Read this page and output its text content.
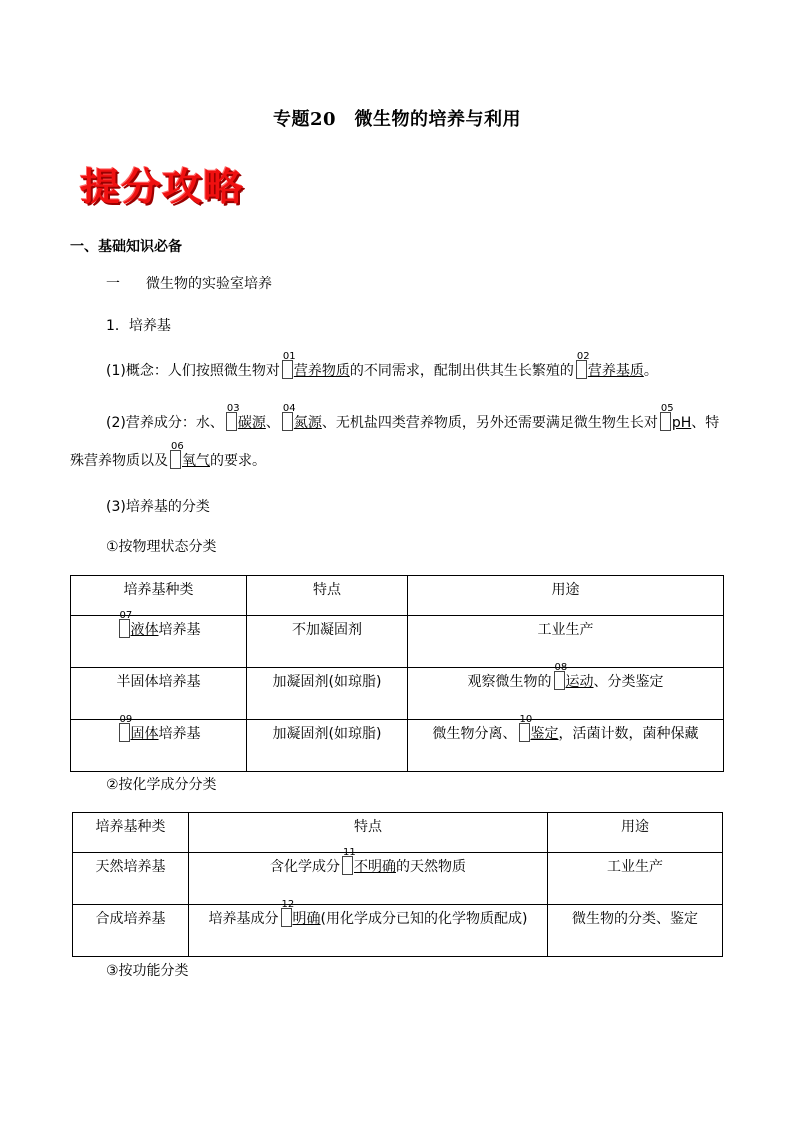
专题20　微生物的培养与利用
提分攻略
一、基础知识必备
一 微生物的实验室培养
1．培养基
(1)概念：人们按照微生物对
01
营养物质的不同需求，配制出供其生长繁殖的
02
营养基质。
(2)营养成分：水、
03
碳源、
04
氮源、无机盐四类营养物质，另外还需要满足微生物生长对
05
pH、特
殊营养物质以及
06
氧气的要求。
(3)培养基的分类
①按物理状态分类
培养基种类	特点	用途

07
液体培养基	不加凝固剂	工业生产
半固体培养基	加凝固剂(如琼脂)	观察微生物的
08
运动、分类鉴定

09
固体培养基	加凝固剂(如琼脂)	微生物分离、
10
鉴定，活菌计数，菌种保藏
②按化学成分分类
培养基种类	特点	用途
天然培养基	含化学成分
11
不明确的天然物质	工业生产
合成培养基	培养基成分
12
明确(用化学成分已知的化学物质配成)	微生物的分类、鉴定
③按功能分类
